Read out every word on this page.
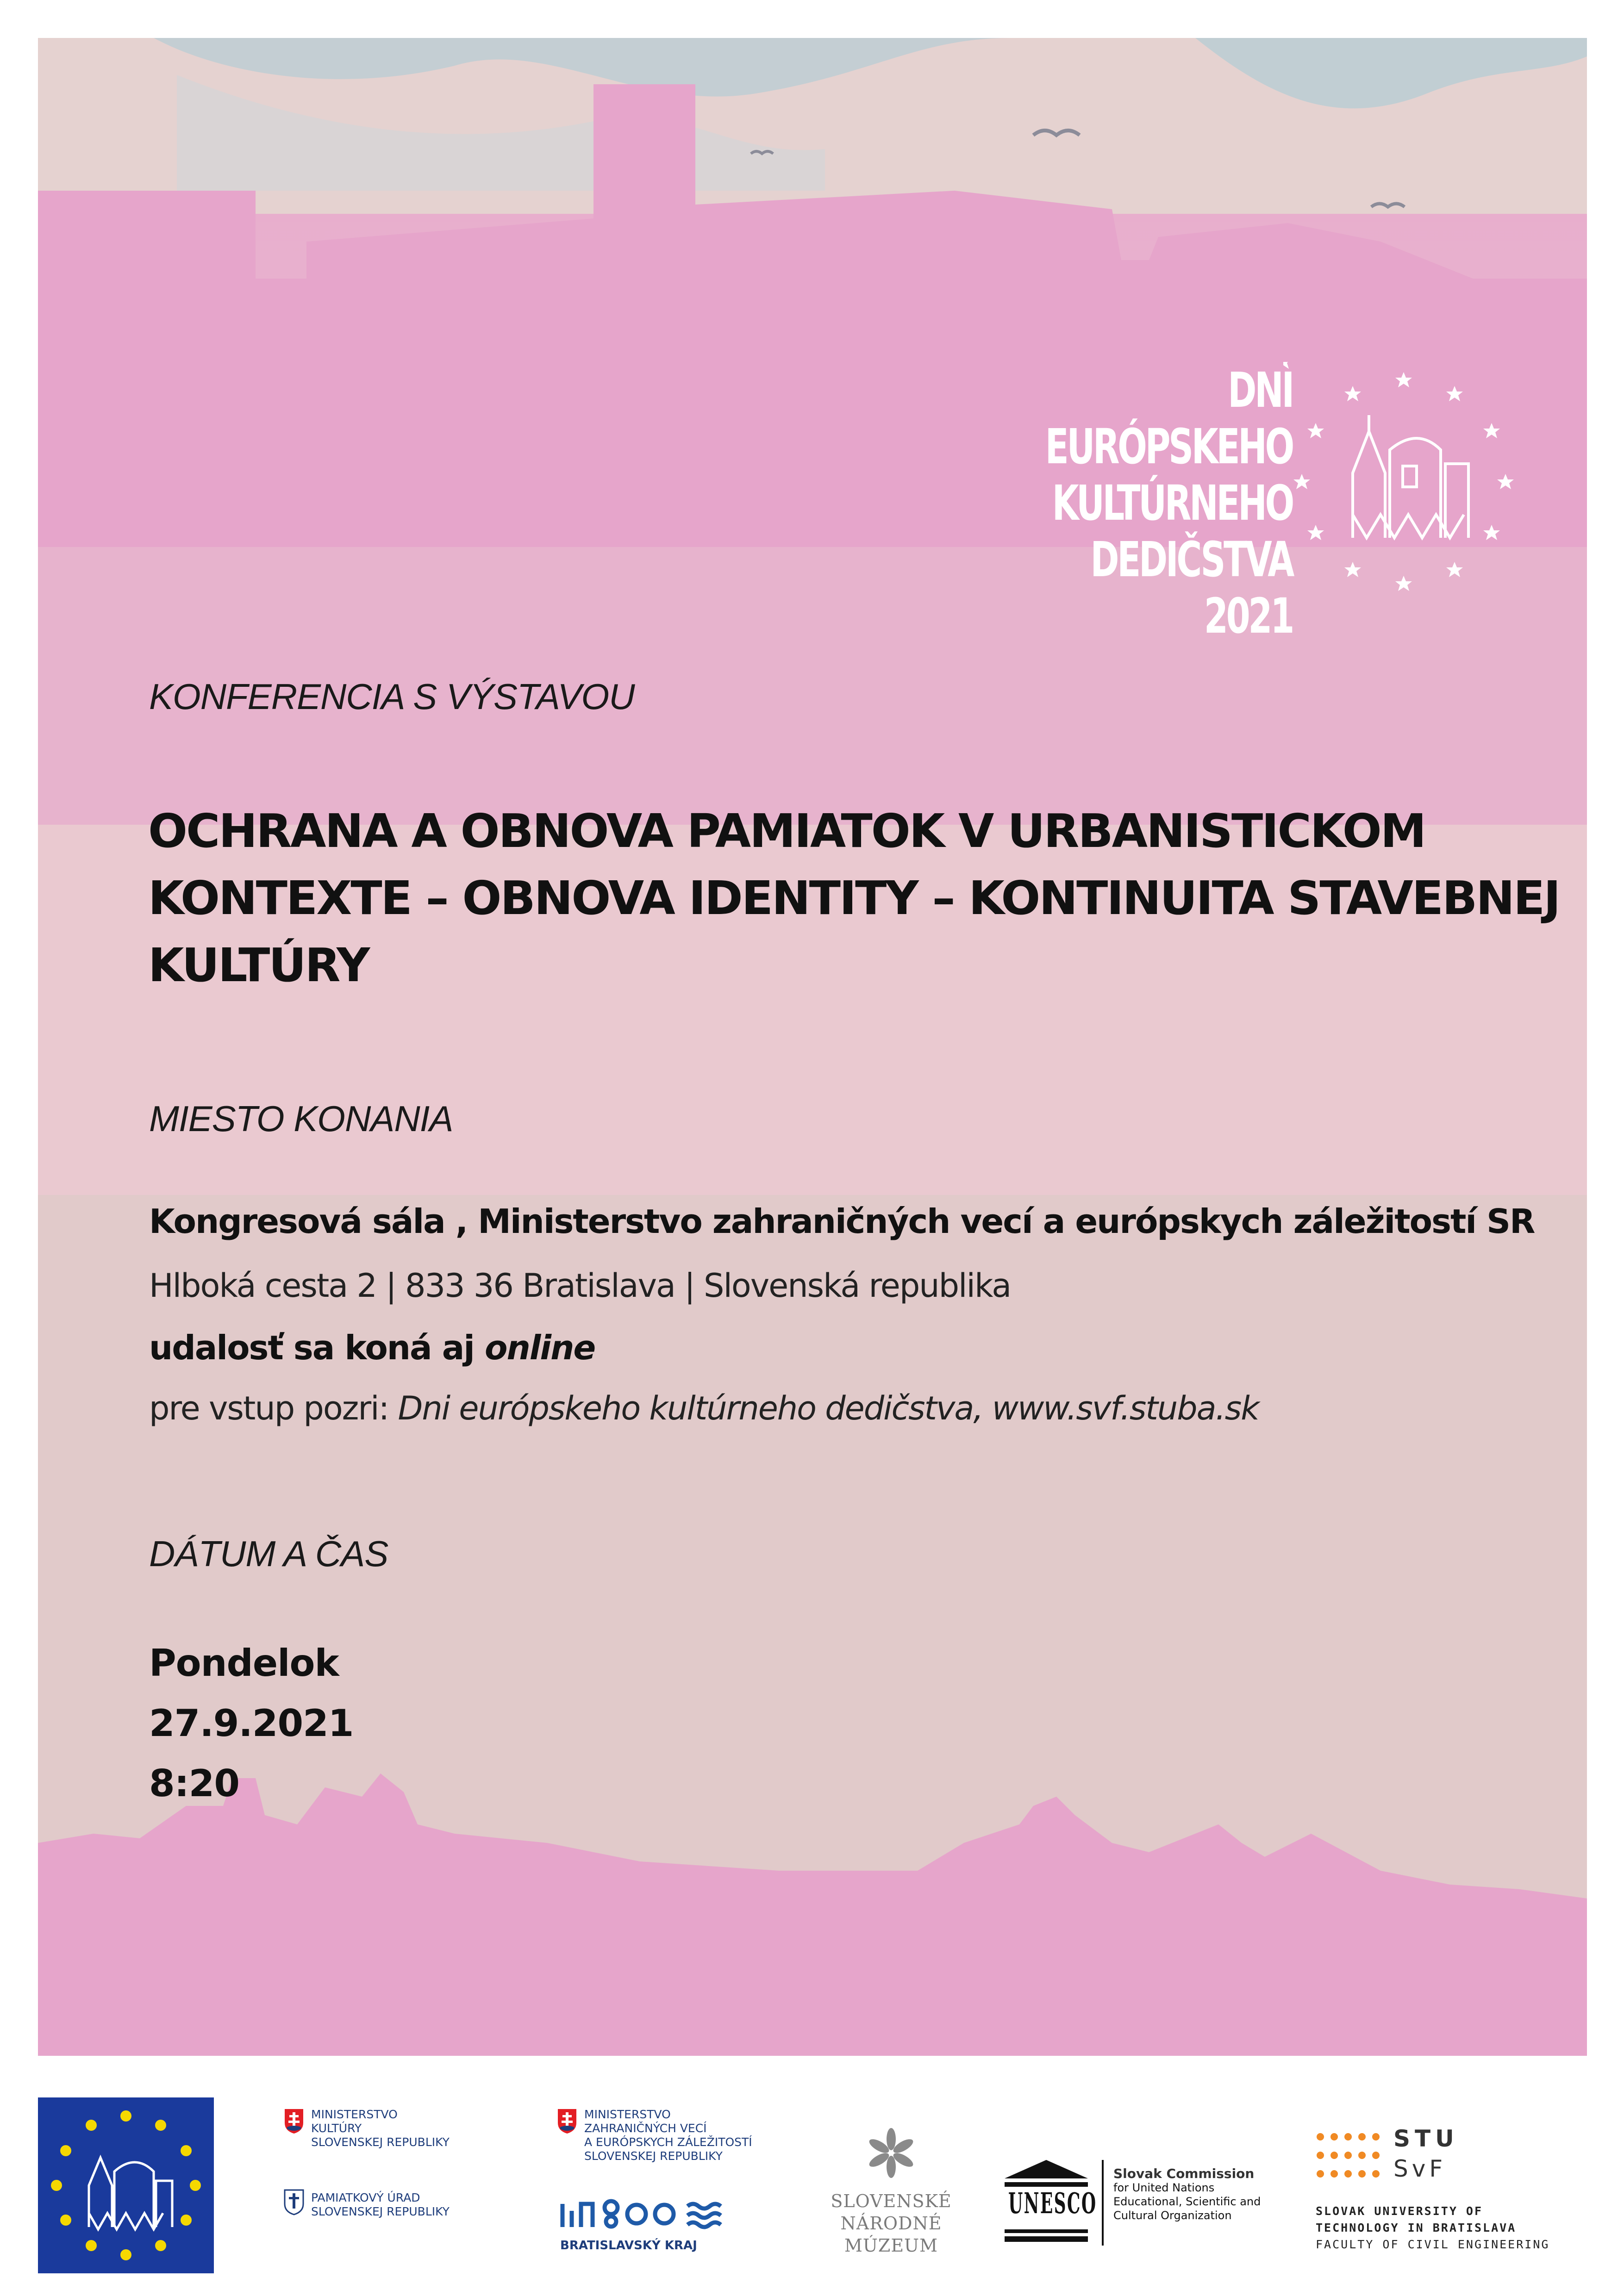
DNI EURÓPSKEHO
KULTÚRNEHO
DEDIČSTVA
2021
KONFERENCIA S VÝSTAVOU
OCHRANA A OBNOVA PAMIATOK V URBANISTICKOM
KONTEXTE – OBNOVA IDENTITY – KONTINUITA STAVEBNEJ
KULTÚRY
MIESTO KONANIA
Kongresová sála , Ministerstvo zahraničných vecí a európskych záležitostí SR
Hlboká cesta 2 | 833 36 Bratislava | Slovenská republika
udalosť sa koná aj online
pre vstup pozri: Dni európskeho kultúrneho dedičstva, www.svf.stuba.sk
DÁTUM A ČAS
Pondelok
27.9.2021
8:20
MINISTERSTVO
KULTÚRY
SLOVENSKEJ REPUBLIKY
PAMIATKOVÝ ÚRAD
SLOVENSKEJ REPUBLIKY
MINISTERSTVO
ZAHRANIČNÝCH VECÍ
A EURÓPSKYCH ZÁLEŽITOSTÍ
SLOVENSKEJ REPUBLIKY
BRATISLAVSKÝ KRAJ
SLOVENSKÉ
NÁRODNÉ
MÚZEUM
UNESCO
Slovak Commission
for United Nations
Educational, Scientific and
Cultural Organization
STU
SvF
SLOVAK UNIVERSITY OF
TECHNOLOGY IN BRATISLAVA
FACULTY OF CIVIL ENGINEERING
